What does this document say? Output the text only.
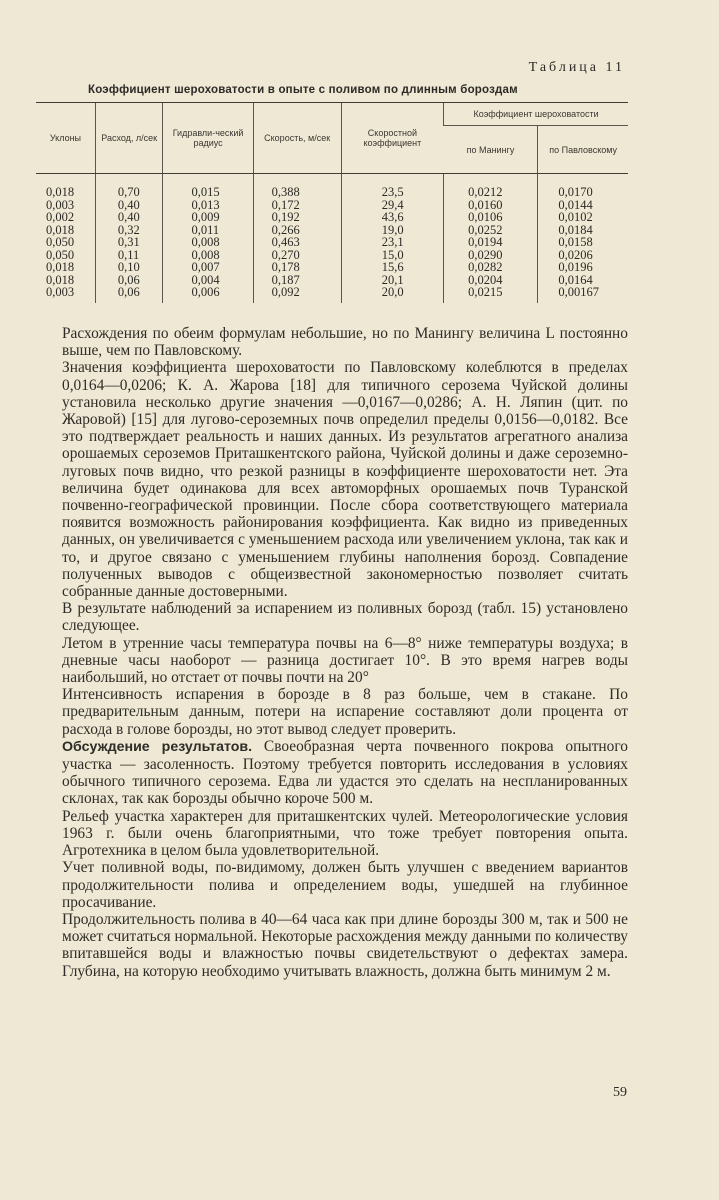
Таблица 11
Коэффициент шероховатости в опыте с поливом по длинным бороздам
Уклоны	Расход, л/сек	Гидравли-ческий радиус	Скорость, м/сек	Скоростной коэффициент	Коэффициент шероховатости	
					по Манингу	по Павловскому
0,018	0,70	0,015	0,388	23,5	0,0212	0,0170
0,003	0,40	0,013	0,172	29,4	0,0160	0,0144
0,002	0,40	0,009	0,192	43,6	0,0106	0,0102
0,018	0,32	0,011	0,266	19,0	0,0252	0,0184
0,050	0,31	0,008	0,463	23,1	0,0194	0,0158
0,050	0,11	0,008	0,270	15,0	0,0290	0,0206
0,018	0,10	0,007	0,178	15,6	0,0282	0,0196
0,018	0,06	0,004	0,187	20,1	0,0204	0,0164
0,003	0,06	0,006	0,092	20,0	0,0215	0,00167

Расхождения по обеим формулам небольшие, но по Манингу величина L постоянно выше, чем по Павловскому.

Значения коэффициента шероховатости по Павловскому колеблются в пределах 0,0164—0,0206; К. А. Жарова [18] для типичного серозема Чуйской долины установила несколько другие значения —0,0167—0,0286; А. Н. Ляпин (цит. по Жаровой) [15] для лугово-сероземных почв определил пределы 0,0156—0,0182. Все это подтверждает реальность и наших данных. Из результатов агрегатного анализа орошаемых сероземов Приташкентского района, Чуйской долины и даже сероземно-луговых почв видно, что резкой разницы в коэффициенте шероховатости нет. Эта величина будет одинакова для всех автоморфных орошаемых почв Туранской почвенно-географической провинции. После сбора соответствующего материала появится возможность районирования коэффициента. Как видно из приведенных данных, он увеличивается с уменьшением расхода или увеличением уклона, так как и то, и другое связано с уменьшением глубины наполнения борозд. Совпадение полученных выводов с общеизвестной закономерностью позволяет считать собранные данные достоверными.

В результате наблюдений за испарением из поливных борозд (табл. 15) установлено следующее.

Летом в утренние часы температура почвы на 6—8° ниже температуры воздуха; в дневные часы наоборот — разница достигает 10°. В это время нагрев воды наибольший, но отстает от почвы почти на 20°

Интенсивность испарения в борозде в 8 раз больше, чем в стакане. По предварительным данным, потери на испарение составляют доли процента от расхода в голове борозды, но этот вывод следует проверить.

Обсуждение результатов. Своеобразная черта почвенного покрова опытного участка — засоленность. Поэтому требуется повторить исследования в условиях обычного типичного серозема. Едва ли удастся это сделать на неспланированных склонах, так как борозды обычно короче 500 м.

Рельеф участка характерен для приташкентских чулей. Метеорологические условия 1963 г. были очень благоприятными, что тоже требует повторения опыта. Агротехника в целом была удовлетворительной.

Учет поливной воды, по-видимому, должен быть улучшен с введением вариантов продолжительности полива и определением воды, ушедшей на глубинное просачивание.

Продолжительность полива в 40—64 часа как при длине борозды 300 м, так и 500 не может считаться нормальной. Некоторые расхождения между данными по количеству впитавшейся воды и влажностью почвы свидетельствуют о дефектах замера. Глубина, на которую необходимо учитывать влажность, должна быть минимум 2 м.

59
